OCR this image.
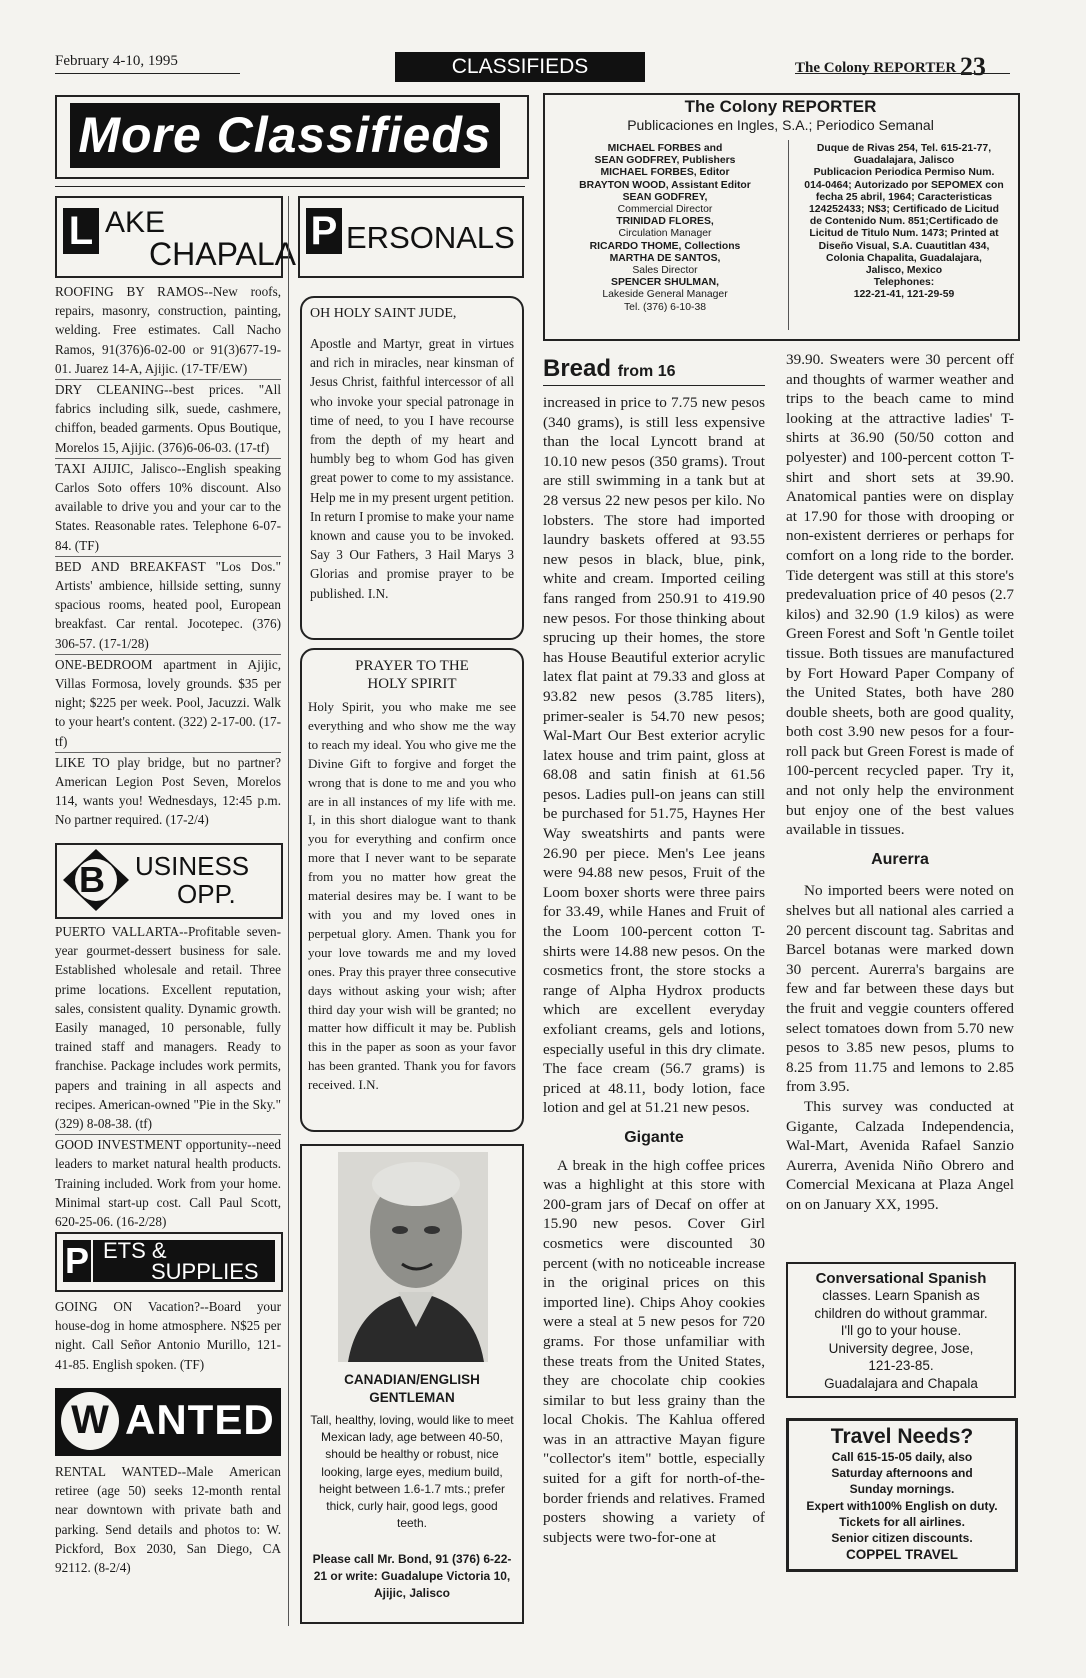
February 4-10, 1995	CLASSIFIEDS	The Colony REPORTER 23
More Classifieds
L AKE
CHAPALA

ROOFING BY RAMOS--New roofs, repairs, masonry, construction, painting, welding. Free estimates. Call Nacho Ramos, 91(376)6-02-00 or 91(3)677-19-01. Juarez 14-A, Ajijic. (17-TF/EW)

DRY CLEANING--best prices. "All fabrics including silk, suede, cashmere, chiffon, beaded garments. Opus Boutique, Morelos 15, Ajijic. (376)6-06-03. (17-tf)

TAXI AJIJIC, Jalisco--English speaking Carlos Soto offers 10% discount. Also available to drive you and your car to the States. Reasonable rates. Telephone 6-07-84. (TF)

BED AND BREAKFAST "Los Dos." Artists' ambience, hillside setting, sunny spacious rooms, heated pool, European breakfast. Car rental. Jocotepec. (376) 306-57. (17-1/28)

ONE-BEDROOM apartment in Ajijic, Villas Formosa, lovely grounds. $35 per night; $225 per week. Pool, Jacuzzi. Walk to your heart's content. (322) 2-17-00. (17-tf)

LIKE TO play bridge, but no partner? American Legion Post Seven, Morelos 114, wants you! Wednesdays, 12:45 p.m. No partner required. (17-2/4)

B USINESS
OPP.

PUERTO VALLARTA--Profitable seven-year gourmet-dessert business for sale. Established wholesale and retail. Three prime locations. Excellent reputation, sales, consistent quality. Dynamic growth. Easily managed, 10 personable, fully trained staff and managers. Ready to franchise. Package includes work permits, papers and training in all aspects and recipes. American-owned "Pie in the Sky." (329) 8-08-38. (tf)

GOOD INVESTMENT opportunity--need leaders to market natural health products. Training included. Work from your home. Minimal start-up cost. Call Paul Scott, 620-25-06. (16-2/28)

P ETS &
SUPPLIES

GOING ON Vacation?--Board your house-dog in home atmosphere. N$25 per night. Call Señor Antonio Murillo, 121-41-85. English spoken. (TF)

W ANTED

RENTAL WANTED--Male American retiree (age 50) seeks 12-month rental near downtown with private bath and parking. Send details and photos to: W. Pickford, Box 2030, San Diego, CA 92112. (8-2/4)

P ERSONALS
OH HOLY SAINT JUDE,
Apostle and Martyr, great in virtues and rich in miracles, near kinsman of Jesus Christ, faithful intercessor of all who invoke your special patronage in time of need, to you I have recourse from the depth of my heart and humbly beg to whom God has given great power to come to my assistance. Help me in my present urgent petition. In return I promise to make your name known and cause you to be invoked. Say 3 Our Fathers, 3 Hail Marys 3 Glorias and promise prayer to be published. I.N.
PRAYER TO THE
HOLY SPIRIT
Holy Spirit, you who make me see everything and who show me the way to reach my ideal. You who give me the Divine Gift to forgive and forget the wrong that is done to me and you who are in all instances of my life with me. I, in this short dialogue want to thank you for everything and confirm once more that I never want to be separate from you no matter how great the material desires may be. I want to be with you and my loved ones in perpetual glory. Amen. Thank you for your love towards me and my loved ones. Pray this prayer three consecutive days without asking your wish; after third day your wish will be granted; no matter how difficult it may be. Publish this in the paper as soon as your favor has been granted. Thank you for favors received. I.N.
CANADIAN/ENGLISH
GENTLEMAN
Tall, healthy, loving, would like to meet Mexican lady, age between 40-50, should be healthy or robust, nice looking, large eyes, medium build, height between 1.6-1.7 mts.; prefer thick, curly hair, good legs, good teeth.
Please call Mr. Bond, 91 (376) 6-22-21 or write: Guadalupe Victoria 10, Ajijic, Jalisco
The Colony REPORTER
Publicaciones en Ingles, S.A.; Periodico Semanal
MICHAEL FORBES and
SEAN GODFREY, Publishers
MICHAEL FORBES, Editor
BRAYTON WOOD, Assistant Editor
SEAN GODFREY,
Commercial Director
TRINIDAD FLORES,
Circulation Manager
RICARDO THOME, Collections
MARTHA DE SANTOS,
Sales Director
SPENCER SHULMAN,
Lakeside General Manager
Tel. (376) 6-10-38
Duque de Rivas 254, Tel. 615-21-77,
Guadalajara, Jalisco
Publicacion Periodica Permiso Num.
014-0464; Autorizado por SEPOMEX con
fecha 25 abril, 1964; Caracteristicas
124252433; N$3; Certificado de Licitud
de Contenido Num. 851;Certificado de
Licitud de Titulo Num. 1473; Printed at
Diseño Visual, S.A. Cuautitlan 434,
Colonia Chapalita, Guadalajara,
Jalisco, Mexico
Telephones:
122-21-41, 121-29-59
Bread from 16
increased in price to 7.75 new pesos (340 grams), is still less expensive than the local Lyncott brand at 10.10 new pesos (350 grams). Trout are still swimming in a tank but at 28 versus 22 new pesos per kilo. No lobsters. The store had imported laundry baskets offered at 93.55 new pesos in black, blue, pink, white and cream. Imported ceiling fans ranged from 250.91 to 419.90 new pesos. For those thinking about sprucing up their homes, the store has House Beautiful exterior acrylic latex flat paint at 79.33 and gloss at 93.82 new pesos (3.785 liters), primer-sealer is 54.70 new pesos; Wal-Mart Our Best exterior acrylic latex house and trim paint, gloss at 68.08 and satin finish at 61.56 pesos. Ladies pull-on jeans can still be purchased for 51.75, Haynes Her Way sweatshirts and pants were 26.90 per piece. Men's Lee jeans were 94.88 new pesos, Fruit of the Loom boxer shorts were three pairs for 33.49, while Hanes and Fruit of the Loom 100-percent cotton T-shirts were 14.88 new pesos. On the cosmetics front, the store stocks a range of Alpha Hydrox products which are excellent everyday exfoliant creams, gels and lotions, especially useful in this dry climate. The face cream (56.7 grams) is priced at 48.11, body lotion, face lotion and gel at 51.21 new pesos.
Gigante
A break in the high coffee prices was a highlight at this store with 200-gram jars of Decaf on offer at 15.90 new pesos. Cover Girl cosmetics were discounted 30 percent (with no noticeable increase in the original prices on this imported line). Chips Ahoy cookies were a steal at 5 new pesos for 720 grams. For those unfamiliar with these treats from the United States, they are chocolate chip cookies similar to but less grainy than the local Chokis. The Kahlua offered was in an attractive Mayan figure "collector's item" bottle, especially suited for a gift for north-of-the-border friends and relatives. Framed posters showing a variety of subjects were two-for-one at
39.90. Sweaters were 30 percent off and thoughts of warmer weather and trips to the beach came to mind looking at the attractive ladies' T-shirts at 36.90 (50/50 cotton and polyester) and 100-percent cotton T-shirt and short sets at 39.90. Anatomical panties were on display at 17.90 for those with drooping or non-existent derrieres or perhaps for comfort on a long ride to the border. Tide detergent was still at this store's predevaluation price of 40 pesos (2.7 kilos) and 32.90 (1.9 kilos) as were Green Forest and Soft 'n Gentle toilet tissue. Both tissues are manufactured by Fort Howard Paper Company of the United States, both have 280 double sheets, both are good quality, both cost 3.90 new pesos for a four-roll pack but Green Forest is made of 100-percent recycled paper. Try it, and not only help the environment but enjoy one of the best values available in tissues.
Aurerra
No imported beers were noted on shelves but all national ales carried a 20 percent discount tag. Sabritas and Barcel botanas were marked down 30 percent. Aurerra's bargains are few and far between these days but the fruit and veggie counters offered select tomatoes down from 5.70 new pesos to 3.85 new pesos, plums to 8.25 from 11.75 and lemons to 2.85 from 3.95.
This survey was conducted at Gigante, Calzada Independencia, Wal-Mart, Avenida Rafael Sanzio Aurerra, Avenida Niño Obrero and Comercial Mexicana at Plaza Angel on on January XX, 1995.
Conversational Spanish
classes. Learn Spanish as
children do without grammar.
I'll go to your house.
University degree, Jose,
121-23-85.
Guadalajara and Chapala
Travel Needs?
Call 615-15-05 daily, also
Saturday afternoons and
Sunday mornings.
Expert with100% English on duty.
Tickets for all airlines.
Senior citizen discounts.
COPPEL TRAVEL
